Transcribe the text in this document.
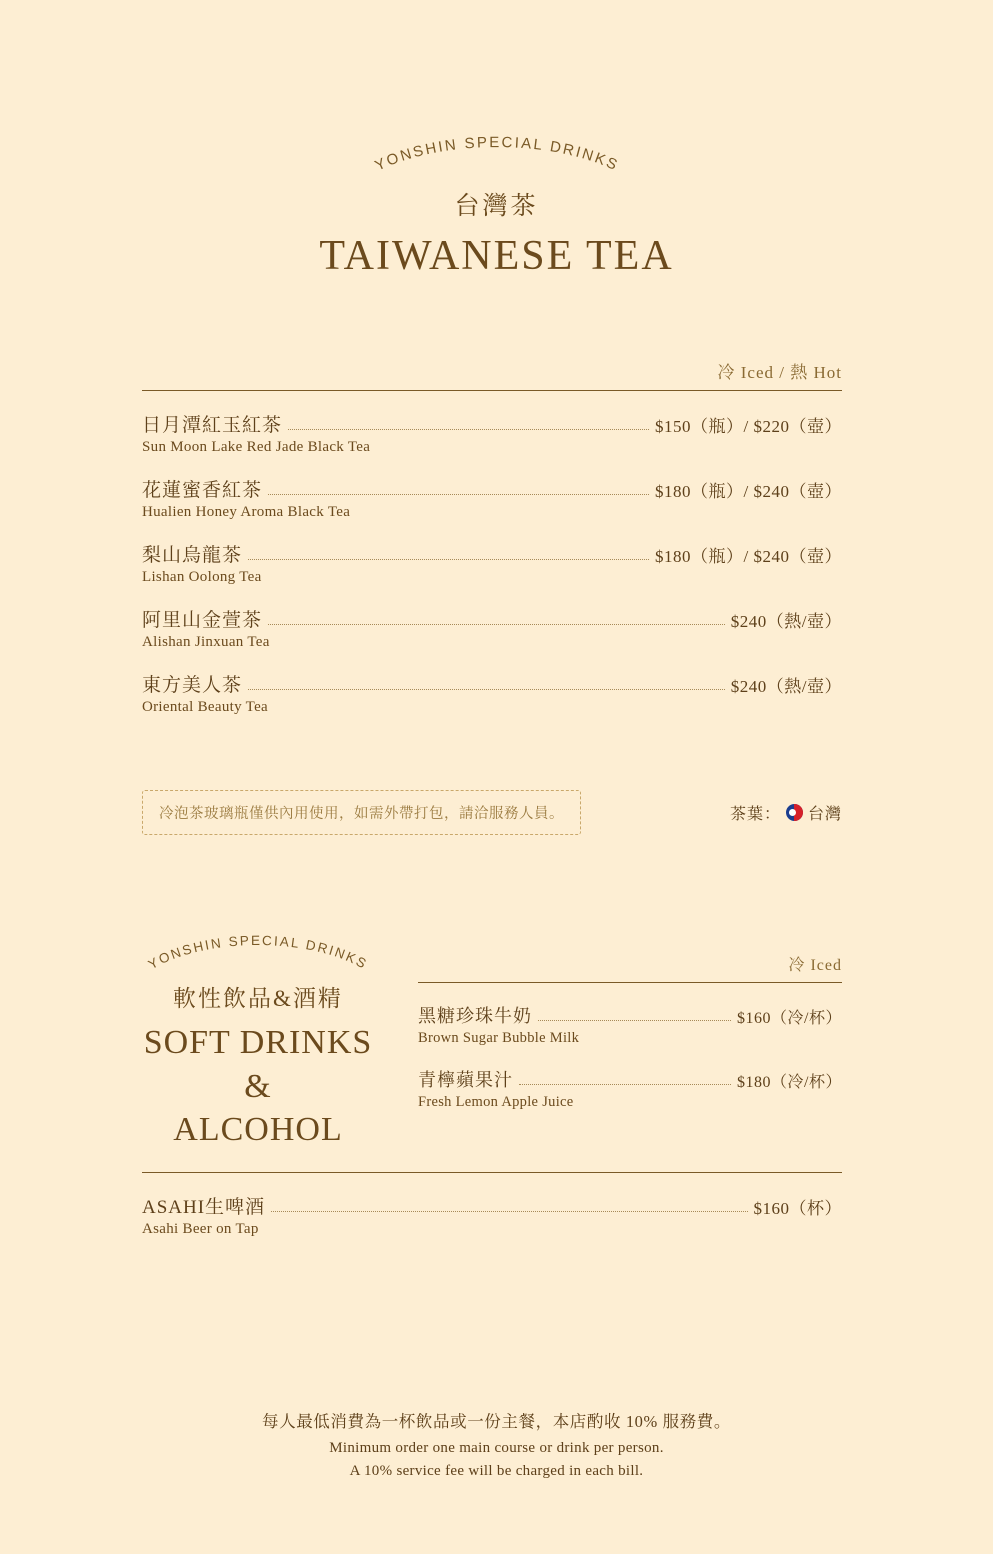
YONSHIN SPECIAL DRINKS
台灣茶
TAIWANESE TEA
冷 Iced / 熱 Hot
日月潭紅玉紅茶	$150（瓶）/ $220（壺）
Sun Moon Lake Red Jade Black Tea
花蓮蜜香紅茶	$180（瓶）/ $240（壺）
Hualien Honey Aroma Black Tea
梨山烏龍茶	$180（瓶）/ $240（壺）
Lishan Oolong Tea
阿里山金萱茶	$240（熱/壺）
Alishan Jinxuan Tea
東方美人茶	$240（熱/壺）
Oriental Beauty Tea
冷泡茶玻璃瓶僅供內用使用，如需外帶打包，請洽服務人員。	茶葉： 台灣
YONSHIN SPECIAL DRINKS
軟性飲品&酒精
SOFT DRINKS
&
ALCOHOL
冷 Iced
黑糖珍珠牛奶	$160（冷/杯）
Brown Sugar Bubble Milk
青檸蘋果汁	$180（冷/杯）
Fresh Lemon Apple Juice
ASAHI生啤酒	$160（杯）
Asahi Beer on Tap
每人最低消費為一杯飲品或一份主餐，本店酌收 10% 服務費。
Minimum order one main course or drink per person.
A 10% service fee will be charged in each bill.
